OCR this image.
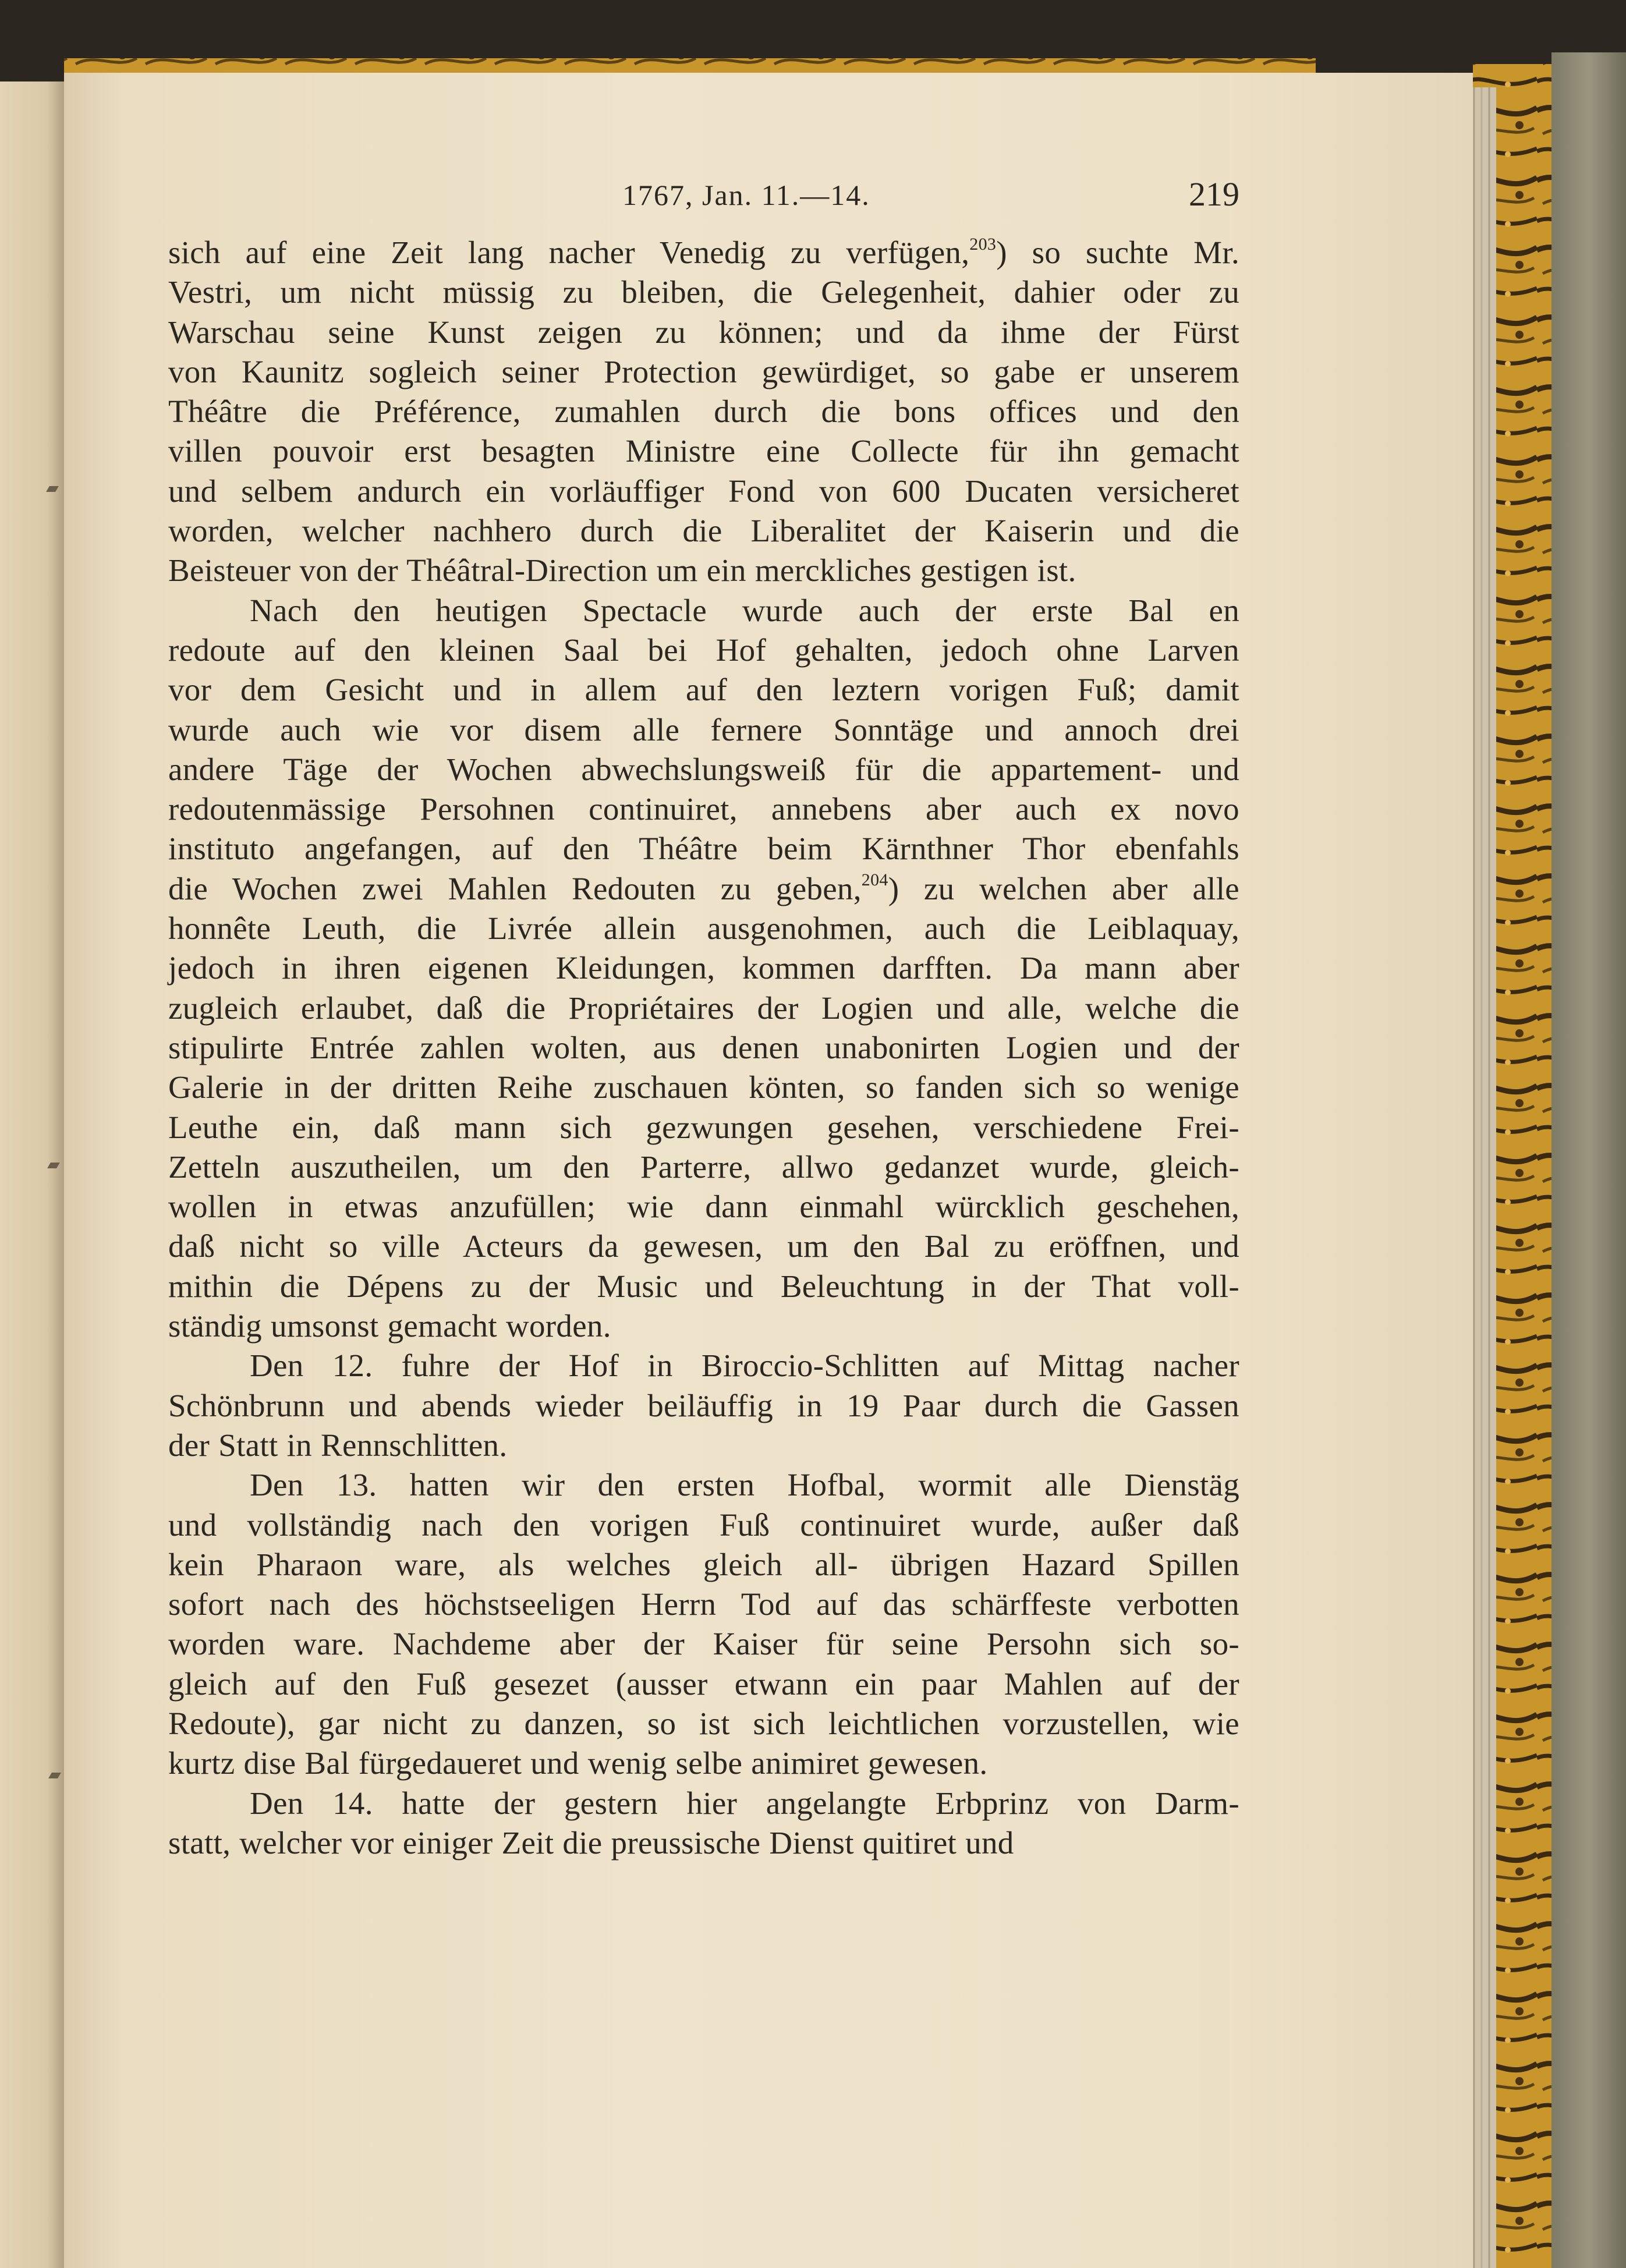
1767, Jan. 11.—14.	219

sich auf eine Zeit lang nacher Venedig zu verfügen,$^{203}$) so suchte Mr.
Vestri, um nicht müssig zu bleiben, die Gelegenheit, dahier oder zu
Warschau seine Kunst zeigen zu können; und da ihme der Fürst
von Kaunitz sogleich seiner Protection gewürdiget, so gabe er unserem
Théâtre die Préférence, zumahlen durch die bons offices und den
villen pouvoir erst besagten Ministre eine Collecte für ihn gemacht
und selbem andurch ein vorläuffiger Fond von 600 Ducaten versicheret
worden, welcher nachhero durch die Liberalitet der Kaiserin und die
Beisteuer von der Théâtral-Direction um ein merckliches gestigen ist.

Nach den heutigen Spectacle wurde auch der erste Bal en
redoute auf den kleinen Saal bei Hof gehalten, jedoch ohne Larven
vor dem Gesicht und in allem auf den leztern vorigen Fuß; damit
wurde auch wie vor disem alle fernere Sonntäge und annoch drei
andere Täge der Wochen abwechslungsweiß für die appartement- und
redoutenmässige Persohnen continuiret, annebens aber auch ex novo
instituto angefangen, auf den Théâtre beim Kärnthner Thor ebenfahls
die Wochen zwei Mahlen Redouten zu geben,$^{204}$) zu welchen aber alle
honnête Leuth, die Livrée allein ausgenohmen, auch die Leiblaquay,
jedoch in ihren eigenen Kleidungen, kommen darfften. Da mann aber
zugleich erlaubet, daß die Propriétaires der Logien und alle, welche die
stipulirte Entrée zahlen wolten, aus denen unabonirten Logien und der
Galerie in der dritten Reihe zuschauen könten, so fanden sich so wenige
Leuthe ein, daß mann sich gezwungen gesehen, verschiedene Frei-
Zetteln auszutheilen, um den Parterre, allwo gedanzet wurde, gleich-
wollen in etwas anzufüllen; wie dann einmahl würcklich geschehen,
daß nicht so ville Acteurs da gewesen, um den Bal zu eröffnen, und
mithin die Dépens zu der Music und Beleuchtung in der That voll-
ständig umsonst gemacht worden.

Den 12. fuhre der Hof in Biroccio-Schlitten auf Mittag nacher
Schönbrunn und abends wieder beiläuffig in 19 Paar durch die Gassen
der Statt in Rennschlitten.

Den 13. hatten wir den ersten Hofbal, wormit alle Dienstäg
und vollständig nach den vorigen Fuß continuiret wurde, außer daß
kein Pharaon ware, als welches gleich all- übrigen Hazard Spillen
sofort nach des höchstseeligen Herrn Tod auf das schärffeste verbotten
worden ware. Nachdeme aber der Kaiser für seine Persohn sich so-
gleich auf den Fuß gesezet (ausser etwann ein paar Mahlen auf der
Redoute), gar nicht zu danzen, so ist sich leichtlichen vorzustellen, wie
kurtz dise Bal fürgedaueret und wenig selbe animiret gewesen.

Den 14. hatte der gestern hier angelangte Erbprinz von Darm-
statt, welcher vor einiger Zeit die preussische Dienst quitiret und
